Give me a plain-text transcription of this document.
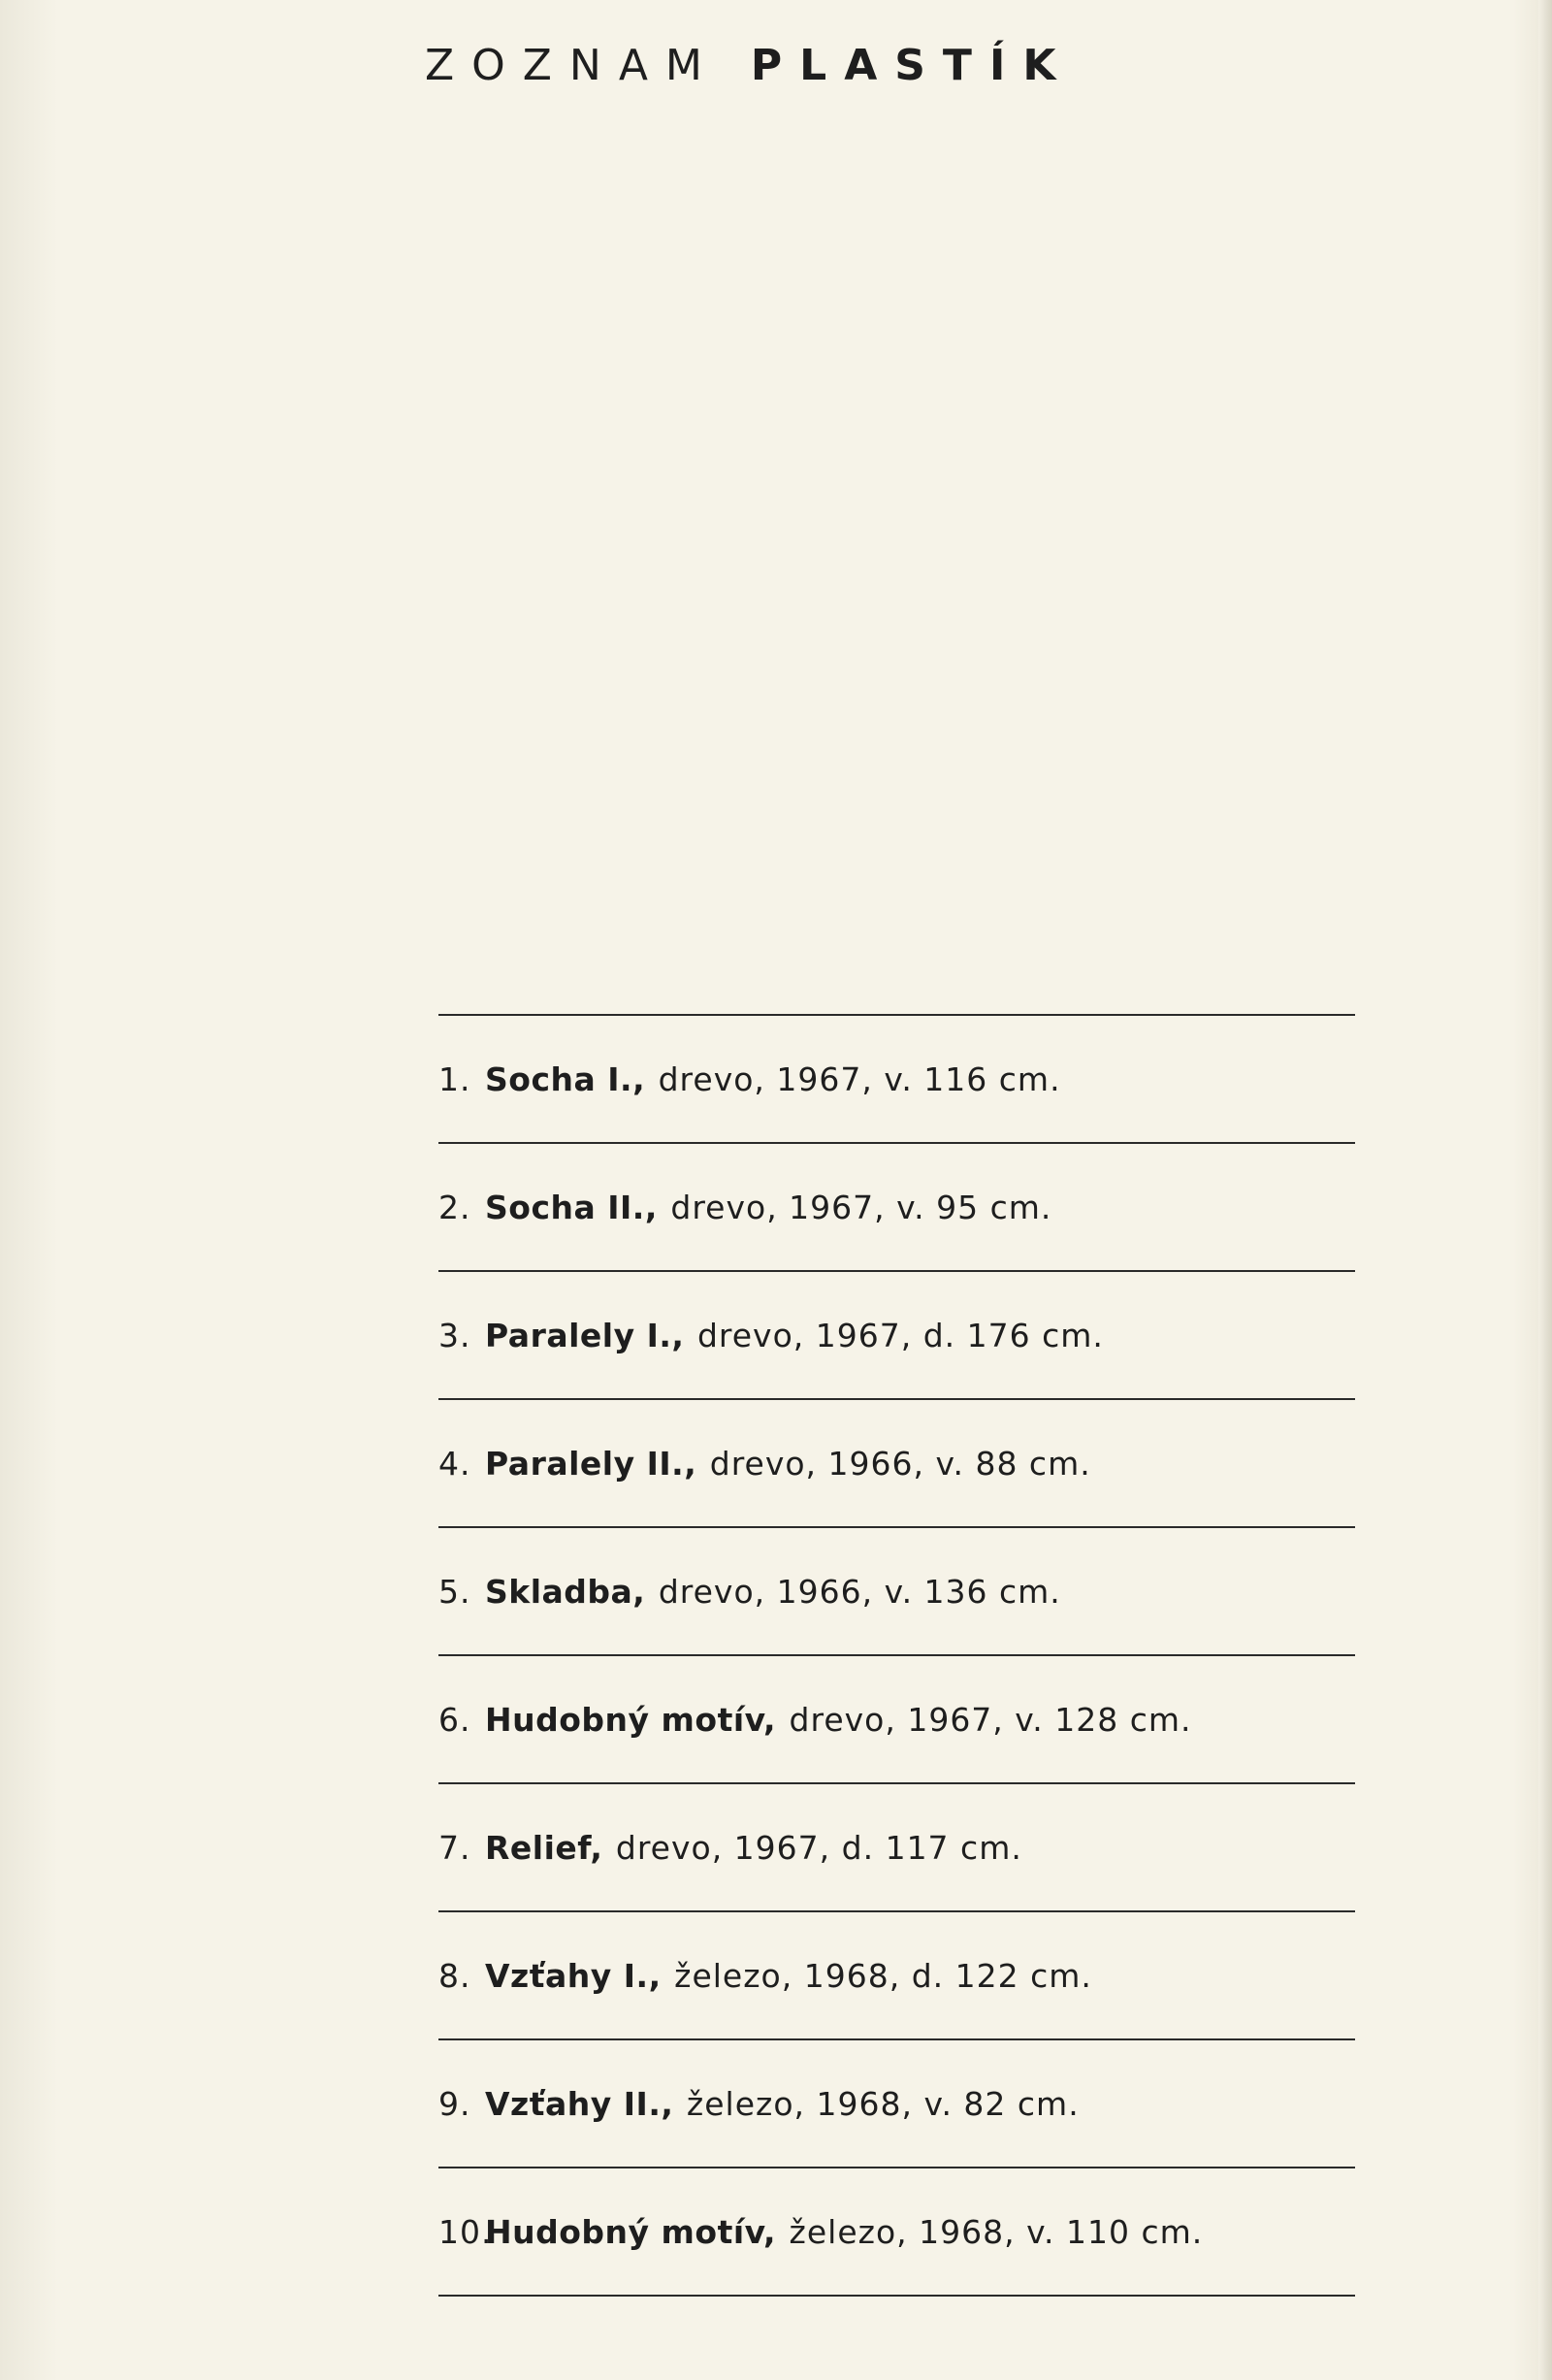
ZOZNAM PLASTÍK
1. Socha I.,
drevo, 1967, v. 116 cm.
2. Socha II.,
drevo, 1967, v. 95 cm.
3. Paralely I.,
drevo, 1967, d. 176 cm.
4. Paralely II.,
drevo, 1966, v. 88 cm.
5. Skladba,
drevo, 1966, v. 136 cm.
6. Hudobný motív,
drevo, 1967, v. 128 cm.
7. Relief,
drevo, 1967, d. 117 cm.
8. Vzťahy I.,
železo, 1968, d. 122 cm.
9. Vzťahy II.,
železo, 1968, v. 82 cm.
10.
Hudobný motív,
železo, 1968, v. 110 cm.
